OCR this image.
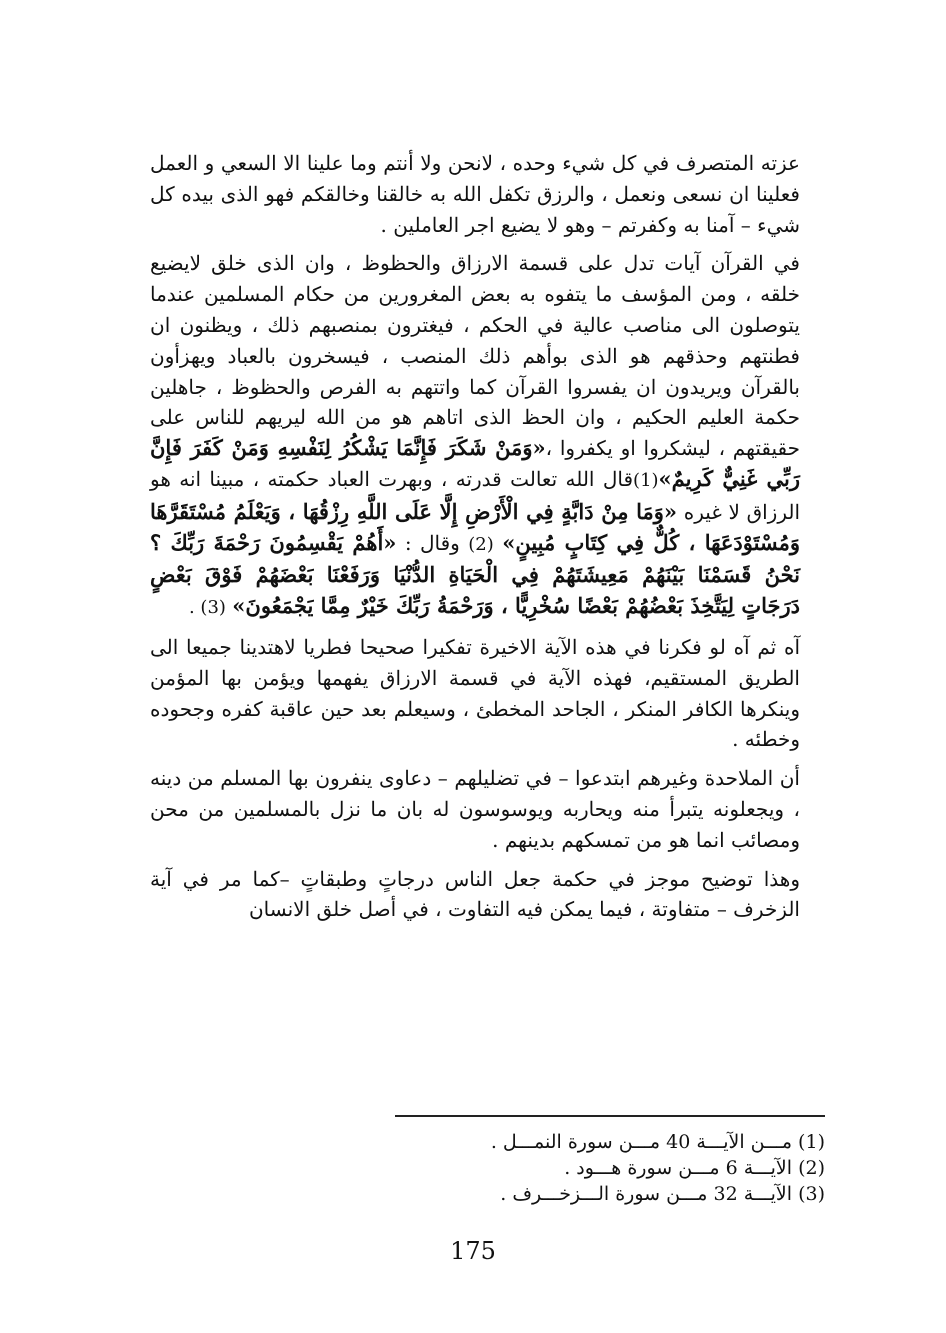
عزته المتصرف في كل شيء وحده ، لانحن ولا أنتم وما علينا الا السعي و العمل فعلينا ان نسعى ونعمل ، والرزق تكفل الله به خالقنا وخالقكم فهو الذى بيده كل شيء – آمنا به وكفرتم – وهو لا يضيع اجر العاملين .

في القرآن آيات تدل على قسمة الارزاق والحظوظ ، وان الذى خلق لايضيع خلقه ، ومن المؤسف ما يتفوه به بعض المغرورين من حكام المسلمين عندما يتوصلون الى مناصب عالية في الحكم ، فيغترون بمنصبهم ذلك ، ويظنون ان فطنتهم وحذقهم هو الذى بوأهم ذلك المنصب ، فيسخرون بالعباد ويهزأون بالقرآن ويريدون ان يفسروا القرآن كما واتتهم به الفرص والحظوظ ، جاهلين حكمة العليم الحكيم ، وان الحظ الذى اتاهم هو من الله ليريهم للناس على حقيقتهم ، ليشكروا او يكفروا ،«وَمَنْ شَكَرَ فَإِنَّمَا يَشْكُرُ لِنَفْسِهِ وَمَنْ كَفَرَ فَإِنَّ رَبِّي غَنِيٌّ كَرِيمٌ»(1)قال الله تعالت قدرته ، وبهرت العباد حكمته ، مبينا انه هو الرزاق لا غيره «وَمَا مِنْ دَابَّةٍ فِي الْأَرْضِ إِلَّا عَلَى اللَّهِ رِزْقُهَا ، وَيَعْلَمُ مُسْتَقَرَّهَا وَمُسْتَوْدَعَهَا ، كُلٌّ فِي كِتَابٍ مُبِينٍ» (2) وقال : «أَهُمْ يَقْسِمُونَ رَحْمَةَ رَبِّكَ ؟ نَحْنُ قَسَمْنَا بَيْنَهُمْ مَعِيشَتَهُمْ فِي الْحَيَاةِ الدُّنْيَا وَرَفَعْنَا بَعْضَهُمْ فَوْقَ بَعْضٍ دَرَجَاتٍ لِيَتَّخِذَ بَعْضُهُمْ بَعْضًا سُخْرِيًّا ، وَرَحْمَةُ رَبِّكَ خَيْرٌ مِمَّا يَجْمَعُونَ» (3) .

آه ثم آه لو فكرنا في هذه الآية الاخيرة تفكيرا صحيحا فطريا لاهتدينا جميعا الى الطريق المستقيم، فهذه الآية في قسمة الارزاق يفهمها ويؤمن بها المؤمن وينكرها الكافر المنكر ، الجاحد المخطئ ، وسيعلم بعد حين عاقبة كفره وجحوده وخطئه .

أن الملاحدة وغيرهم ابتدعوا – في تضليلهم – دعاوى ينفرون بها المسلم من دينه ، ويجعلونه يتبرأ منه ويحاربه ويوسوسون له بان ما نزل بالمسلمين من محن ومصائب انما هو من تمسكهم بدينهم .

وهذا توضيح موجز في حكمة جعل الناس درجاتٍ وطبقاتٍ –كما مر في آية الزخرف – متفاوتة ، فيما يمكن فيه التفاوت ، في أصل خلق الانسان

(1) مـــن الآيـــة 40 مـــن سورة النمـــل .
(2) الآيـــة 6 مـــن سورة هـــود .
(3) الآيـــة 32 مـــن سورة الـــزخـــرف .
175
